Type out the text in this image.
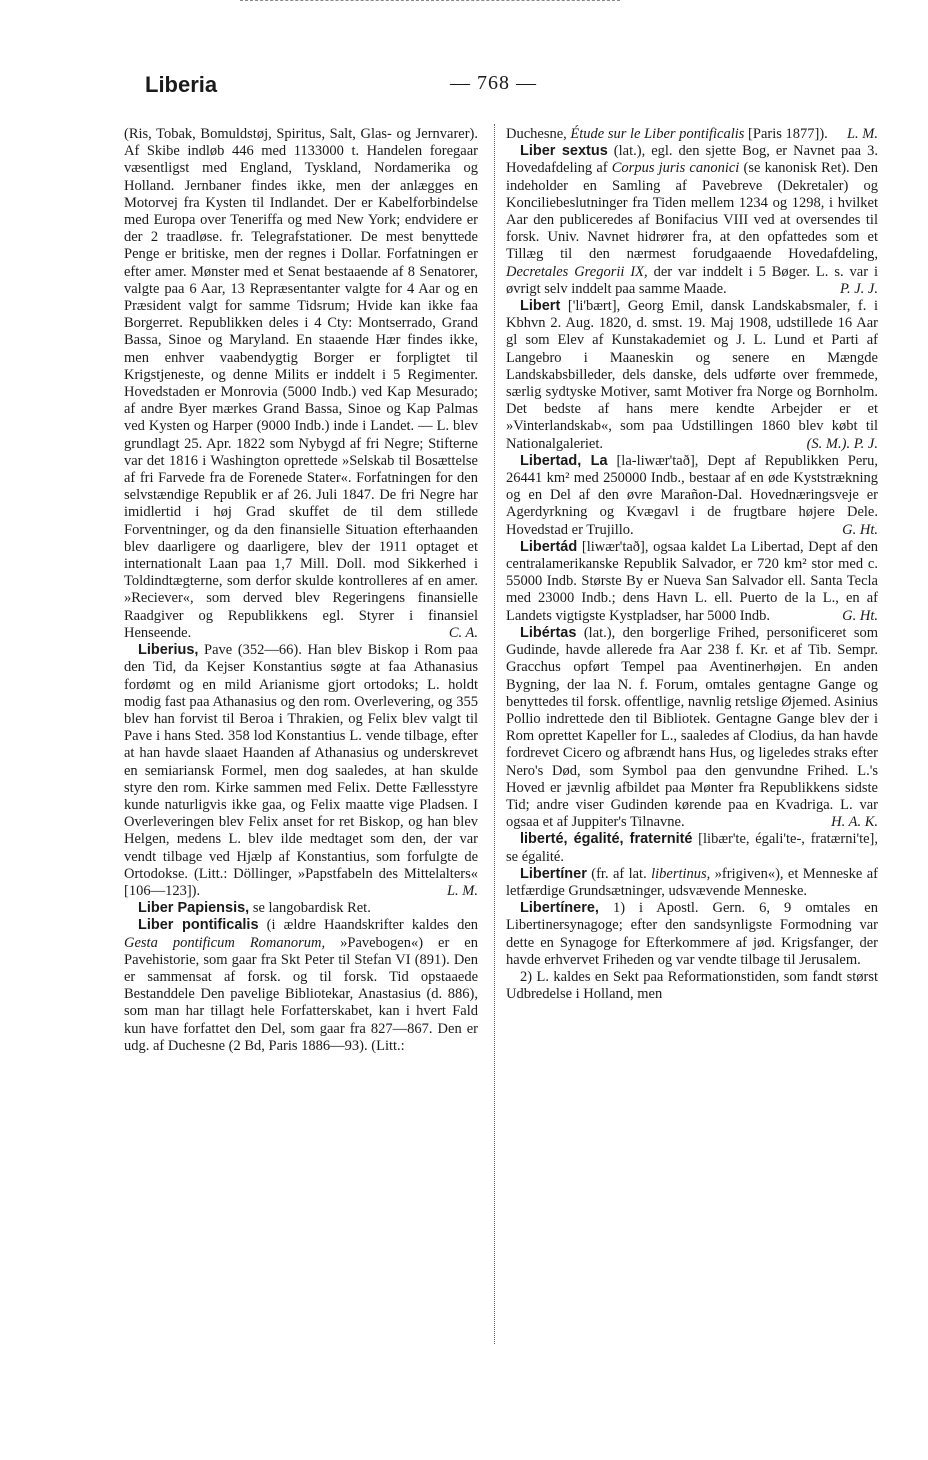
Liberia	— 768 —

(Ris, Tobak, Bomuldstøj, Spiritus, Salt, Glas- og Jernvarer). Af Skibe indløb 446 med 1133000 t. Handelen foregaar væsentligst med England, Tyskland, Nordamerika og Holland. Jernbaner findes ikke, men der anlægges en Motorvej fra Kysten til Indlandet. Der er Kabelforbindelse med Europa over Teneriffa og med New York; endvidere er der 2 traadløse. fr. Telegrafstationer. De mest benyttede Penge er britiske, men der regnes i Dollar. Forfatningen er efter amer. Mønster med et Senat bestaaende af 8 Senatorer, valgte paa 6 Aar, 13 Repræsentanter valgte for 4 Aar og en Præsident valgt for samme Tidsrum; Hvide kan ikke faa Borgerret. Republikken deles i 4 Cty: Montserrado, Grand Bassa, Sinoe og Maryland. En staaende Hær findes ikke, men enhver vaabendygtig Borger er forpligtet til Krigstjeneste, og denne Milits er inddelt i 5 Regimenter. Hovedstaden er Monrovia (5000 Indb.) ved Kap Mesurado; af andre Byer mærkes Grand Bassa, Sinoe og Kap Palmas ved Kysten og Harper (9000 Indb.) inde i Landet. — L. blev grundlagt 25. Apr. 1822 som Nybygd af fri Negre; Stifterne var det 1816 i Washington oprettede »Selskab til Bosættelse af fri Farvede fra de Forenede Stater«. Forfatningen for den selvstændige Republik er af 26. Juli 1847. De fri Negre har imidlertid i høj Grad skuffet de til dem stillede Forventninger, og da den finansielle Situation efterhaanden blev daarligere og daarligere, blev der 1911 optaget et internationalt Laan paa 1,7 Mill. Doll. mod Sikkerhed i Toldindtægterne, som derfor skulde kontrolleres af en amer. »Reciever«, som derved blev Regeringens finansielle Raadgiver og Republikkens egl. Styrer i finansiel Henseende.	C. A.

Liberius, Pave (352—66). Han blev Biskop i Rom paa den Tid, da Kejser Konstantius søgte at faa Athanasius fordømt og en mild Arianisme gjort ortodoks; L. holdt modig fast paa Athanasius og den rom. Overlevering, og 355 blev han forvist til Beroa i Thrakien, og Felix blev valgt til Pave i hans Sted. 358 lod Konstantius L. vende tilbage, efter at han havde slaaet Haanden af Athanasius og underskrevet en semiariansk Formel, men dog saaledes, at han skulde styre den rom. Kirke sammen med Felix. Dette Fællesstyre kunde naturligvis ikke gaa, og Felix maatte vige Pladsen. I Overleveringen blev Felix anset for ret Biskop, og han blev Helgen, medens L. blev ilde medtaget som den, der var vendt tilbage ved Hjælp af Konstantius, som forfulgte de Ortodokse. (Litt.: Döllinger, »Papstfabeln des Mittelalters« [106—123]).	L. M.

Liber Papiensis, se langobardisk Ret.

Liber pontificalis (i ældre Haandskrifter kaldes den Gesta pontificum Romanorum, »Pavebogen«) er en Pavehistorie, som gaar fra Skt Peter til Stefan VI (891). Den er sammensat af forsk. og til forsk. Tid opstaaede Bestanddele Den pavelige Bibliotekar, Anastasius (d. 886), som man har tillagt hele Forfatterskabet, kan i hvert Fald kun have forfattet den Del, som gaar fra 827—867. Den er udg. af Duchesne (2 Bd, Paris 1886—93). (Litt.:

Duchesne, Étude sur le Liber pontificalis [Paris 1877]).	L. M.

Liber sextus (lat.), egl. den sjette Bog, er Navnet paa 3. Hovedafdeling af Corpus juris canonici (se kanonisk Ret). Den indeholder en Samling af Pavebreve (Dekretaler) og Konciliebeslutninger fra Tiden mellem 1234 og 1298, i hvilket Aar den publiceredes af Bonifacius VIII ved at oversendes til forsk. Univ. Navnet hidrører fra, at den opfattedes som et Tillæg til den nærmest forudgaaende Hovedafdeling, Decretales Gregorii IX, der var inddelt i 5 Bøger. L. s. var i øvrigt selv inddelt paa samme Maade.	P. J. J.

Libert ['li'bært], Georg Emil, dansk Landskabsmaler, f. i Kbhvn 2. Aug. 1820, d. smst. 19. Maj 1908, udstillede 16 Aar gl som Elev af Kunstakademiet og J. L. Lund et Parti af Langebro i Maaneskin og senere en Mængde Landskabsbilleder, dels danske, dels udførte over fremmede, særlig sydtyske Motiver, samt Motiver fra Norge og Bornholm. Det bedste af hans mere kendte Arbejder er et »Vinterlandskab«, som paa Udstillingen 1860 blev købt til Nationalgaleriet.	(S. M.). P. J.

Libertad, La [la-liwær'tað], Dept af Republikken Peru, 26441 km² med 250000 Indb., bestaar af en øde Kyststrækning og en Del af den øvre Marañon-Dal. Hovednæringsveje er Agerdyrkning og Kvægavl i de frugtbare højere Dele. Hovedstad er Trujillo.	G. Ht.

Libertád [liwær'tað], ogsaa kaldet La Libertad, Dept af den centralamerikanske Republik Salvador, er 720 km² stor med c. 55000 Indb. Største By er Nueva San Salvador ell. Santa Tecla med 23000 Indb.; dens Havn L. ell. Puerto de la L., en af Landets vigtigste Kystpladser, har 5000 Indb.	G. Ht.

Libértas (lat.), den borgerlige Frihed, personificeret som Gudinde, havde allerede fra Aar 238 f. Kr. et af Tib. Sempr. Gracchus opført Tempel paa Aventinerhøjen. En anden Bygning, der laa N. f. Forum, omtales gentagne Gange og benyttedes til forsk. offentlige, navnlig retslige Øjemed. Asinius Pollio indrettede den til Bibliotek. Gentagne Gange blev der i Rom oprettet Kapeller for L., saaledes af Clodius, da han havde fordrevet Cicero og afbrændt hans Hus, og ligeledes straks efter Nero's Død, som Symbol paa den genvundne Frihed. L.'s Hoved er jævnlig afbildet paa Mønter fra Republikkens sidste Tid; andre viser Gudinden kørende paa en Kvadriga. L. var ogsaa et af Juppiter's Tilnavne.	H. A. K.

liberté, égalité, fraternité [libær'te, égali'te-, fratærni'te], se égalité.

Libertíner (fr. af lat. libertinus, »frigiven«), et Menneske af letfærdige Grundsætninger, udsvævende Menneske.

Libertínere, 1) i Apostl. Gern. 6, 9 omtales en Libertinersynagoge; efter den sandsynligste Formodning var dette en Synagoge for Efterkommere af jød. Krigsfanger, der havde erhvervet Friheden og var vendte tilbage til Jerusalem.

2) L. kaldes en Sekt paa Reformationstiden, som fandt størst Udbredelse i Holland, men
